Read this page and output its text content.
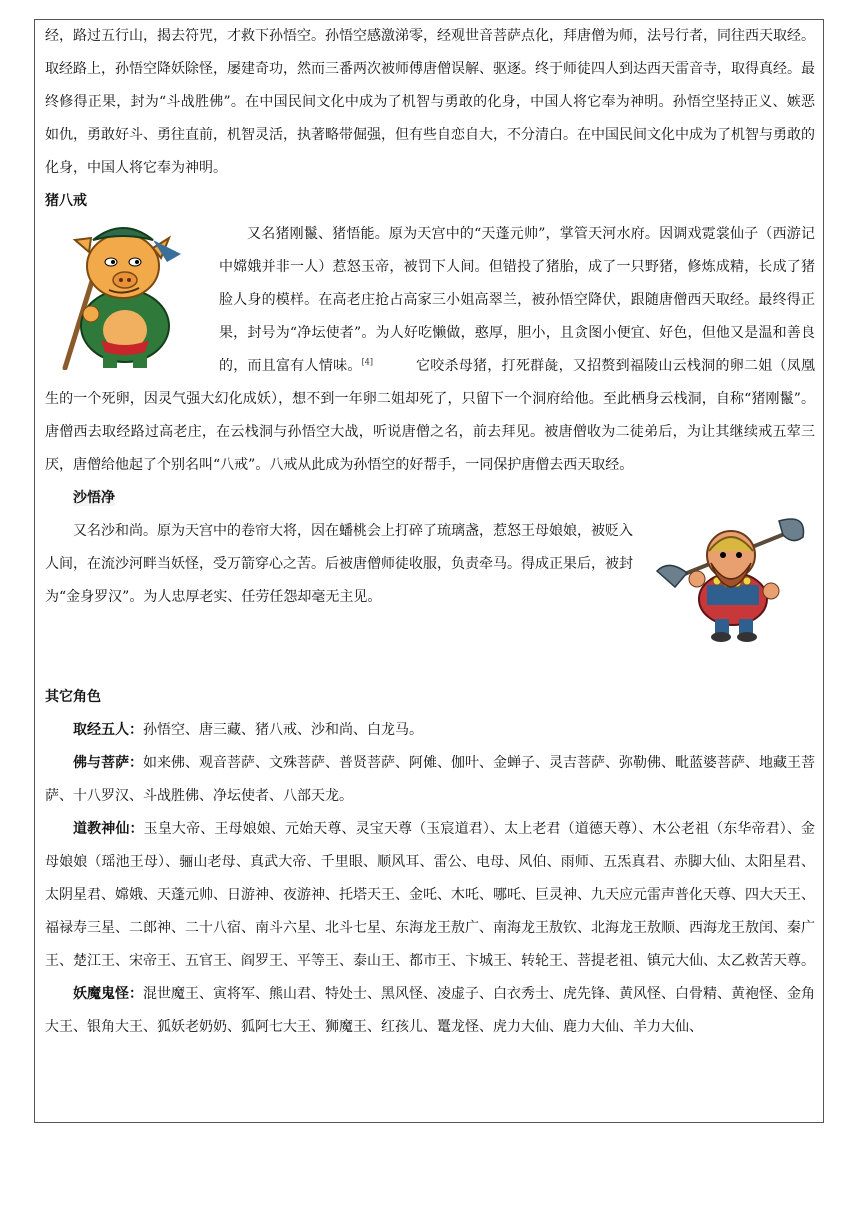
经，路过五行山，揭去符咒，才救下孙悟空。孙悟空感激涕零，经观世音菩萨点化，拜唐僧为师，法号行者，同往西天取经。取经路上，孙悟空降妖除怪，屡建奇功，然而三番两次被师傅唐僧误解、驱逐。终于师徒四人到达西天雷音寺，取得真经。最终修得正果，封为“斗战胜佛”。在中国民间文化中成为了机智与勇敢的化身，中国人将它奉为神明。孙悟空坚持正义、嫉恶如仇，勇敢好斗、勇往直前，机智灵活，执著略带倔强，但有些自恋自大，不分清白。在中国民间文化中成为了机智与勇敢的化身，中国人将它奉为神明。

猪八戒

又名猪刚鬣、猪悟能。原为天宫中的“天蓬元帅”，掌管天河水府。因调戏霓裳仙子（西游记中嫦娥并非一人）惹怒玉帝，被罚下人间。但错投了猪胎，成了一只野猪，修炼成精，长成了猪脸人身的模样。在高老庄抢占高家三小姐高翠兰，被孙悟空降伏，跟随唐僧西天取经。最终得正果，封号为“净坛使者”。为人好吃懒做，憨厚，胆小，且贪图小便宜、好色，但他又是温和善良的，而且富有人情味。[4]　　　	它咬杀母猪，打死群彘，又招赘到福陵山云栈洞的卵二姐（凤凰生的一个死卵，因灵气强大幻化成妖），想不到一年卵二姐却死了，只留下一个洞府给他。至此栖身云栈洞，自称“猪刚鬣”。唐僧西去取经路过高老庄，在云栈洞与孙悟空大战，听说唐僧之名，前去拜见。被唐僧收为二徒弟后，为让其继续戒五荤三厌，唐僧给他起了个别名叫“八戒”。八戒从此成为孙悟空的好帮手，一同保护唐僧去西天取经。

沙悟净

又名沙和尚。原为天宫中的卷帘大将，因在蟠桃会上打碎了琉璃盏，惹怒王母娘娘，被贬入人间，在流沙河畔当妖怪，受万箭穿心之苦。后被唐僧师徒收服，负责牵马。得成正果后，被封为“金身罗汉”。为人忠厚老实、任劳任怨却毫无主见。

其它角色

取经五人：孙悟空、唐三藏、猪八戒、沙和尚、白龙马。

佛与菩萨：如来佛、观音菩萨、文殊菩萨、普贤菩萨、阿傩、伽叶、金蝉子、灵吉菩萨、弥勒佛、毗蓝婆菩萨、地藏王菩萨、十八罗汉、斗战胜佛、净坛使者、八部天龙。

道教神仙：玉皇大帝、王母娘娘、元始天尊、灵宝天尊（玉宸道君）、太上老君（道德天尊）、木公老祖（东华帝君）、金母娘娘（瑶池王母）、骊山老母、真武大帝、千里眼、顺风耳、雷公、电母、风伯、雨师、五炁真君、赤脚大仙、太阳星君、太阴星君、嫦娥、天蓬元帅、日游神、夜游神、托塔天王、金吒、木吒、哪吒、巨灵神、九天应元雷声普化天尊、四大天王、福禄寿三星、二郎神、二十八宿、南斗六星、北斗七星、东海龙王敖广、南海龙王敖钦、北海龙王敖顺、西海龙王敖闰、秦广王、楚江王、宋帝王、五官王、阎罗王、平等王、泰山王、都市王、卞城王、转轮王、菩提老祖、镇元大仙、太乙救苦天尊。

妖魔鬼怪：混世魔王、寅将军、熊山君、特处士、黑风怪、凌虚子、白衣秀士、虎先锋、黄风怪、白骨精、黄袍怪、金角大王、银角大王、狐妖老奶奶、狐阿七大王、狮魔王、红孩儿、鼍龙怪、虎力大仙、鹿力大仙、羊力大仙、
